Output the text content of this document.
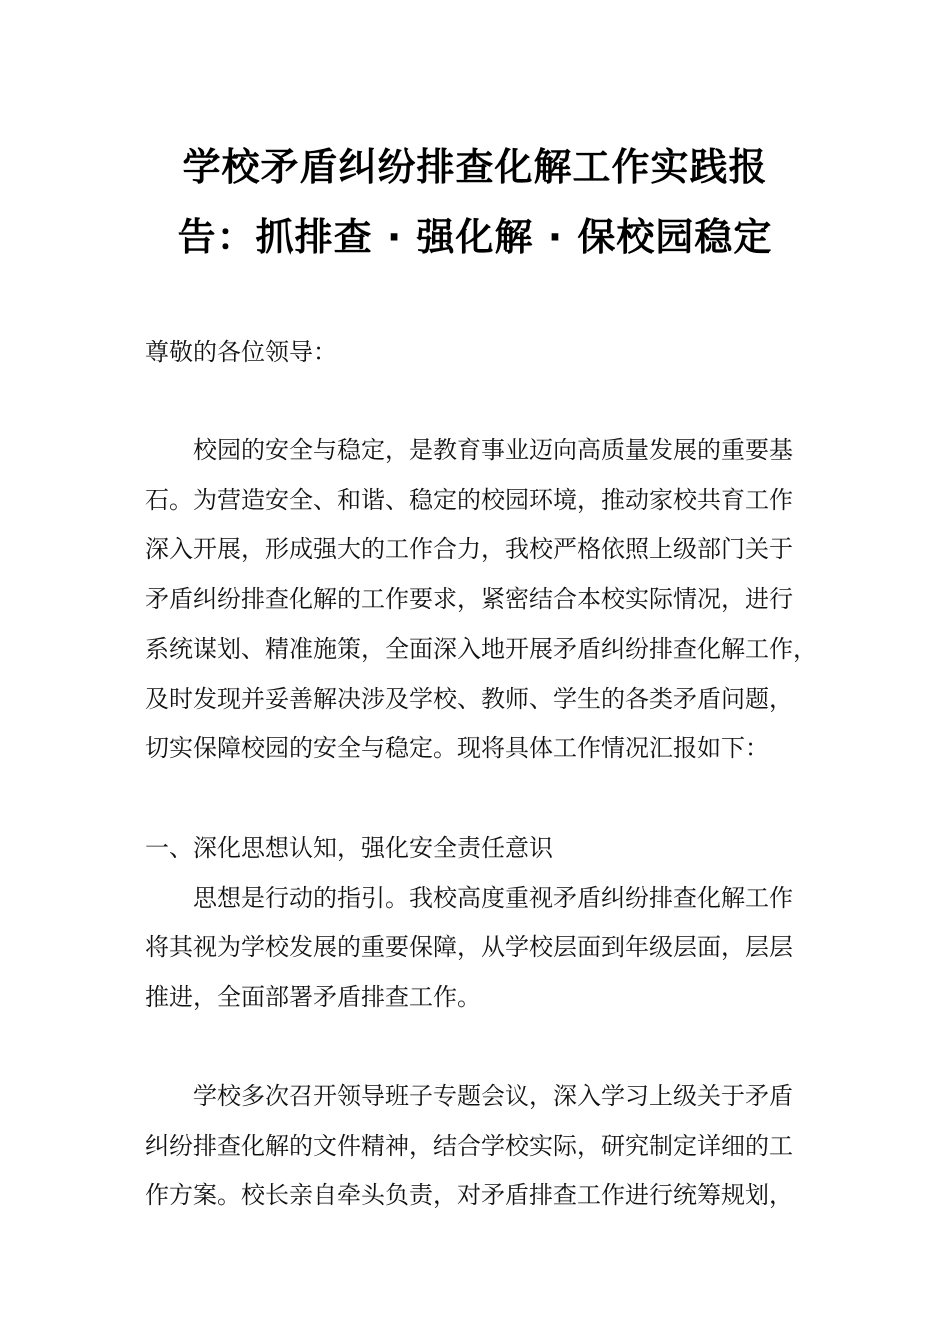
学校矛盾纠纷排查化解工作实践报
告：抓排查 · 强化解 · 保校园稳定

尊敬的各位领导：

校园的安全与稳定，是教育事业迈向高质量发展的重要基
石。为营造安全、和谐、稳定的校园环境，推动家校共育工作
深入开展，形成强大的工作合力，我校严格依照上级部门关于
矛盾纠纷排查化解的工作要求，紧密结合本校实际情况，进行
系统谋划、精准施策，全面深入地开展矛盾纠纷排查化解工作，
及时发现并妥善解决涉及学校、教师、学生的各类矛盾问题，
切实保障校园的安全与稳定。现将具体工作情况汇报如下：

一、深化思想认知，强化安全责任意识
思想是行动的指引。我校高度重视矛盾纠纷排查化解工作
将其视为学校发展的重要保障，从学校层面到年级层面，层层
推进，全面部署矛盾排查工作。

学校多次召开领导班子专题会议，深入学习上级关于矛盾
纠纷排查化解的文件精神，结合学校实际，研究制定详细的工
作方案。校长亲自牵头负责，对矛盾排查工作进行统筹规划，
